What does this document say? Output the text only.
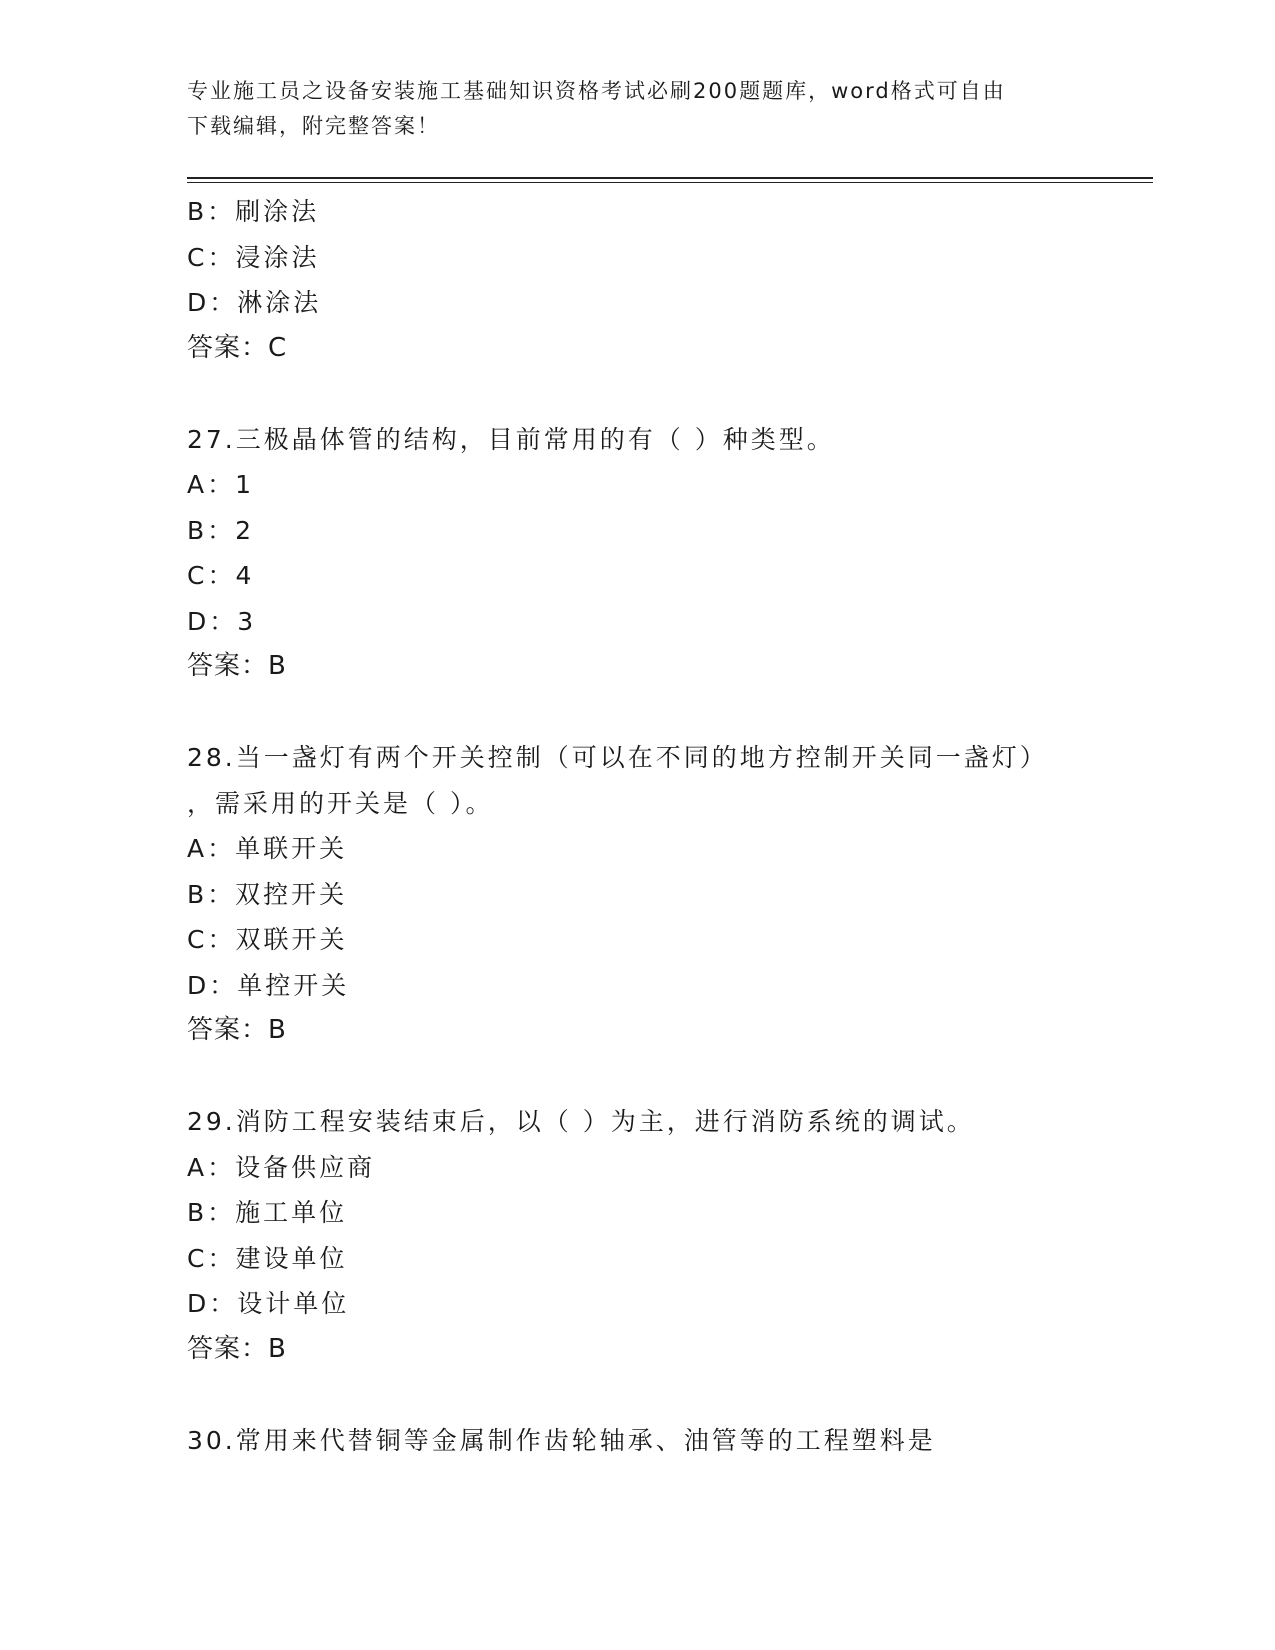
专业施工员之设备安装施工基础知识资格考试必刷200题题库，word格式可自由
下载编辑，附完整答案！
B：刷涂法
C：浸涂法
D：淋涂法
答案：C
27.三极晶体管的结构，目前常用的有（ ）种类型。
A：1
B：2
C：4
D：3
答案：B
28.当一盏灯有两个开关控制（可以在不同的地方控制开关同一盏灯）
，需采用的开关是（ ）。
A：单联开关
B：双控开关
C：双联开关
D：单控开关
答案：B
29.消防工程安装结束后，以（ ）为主，进行消防系统的调试。
A：设备供应商
B：施工单位
C：建设单位
D：设计单位
答案：B
30.常用来代替铜等金属制作齿轮轴承、油管等的工程塑料是
